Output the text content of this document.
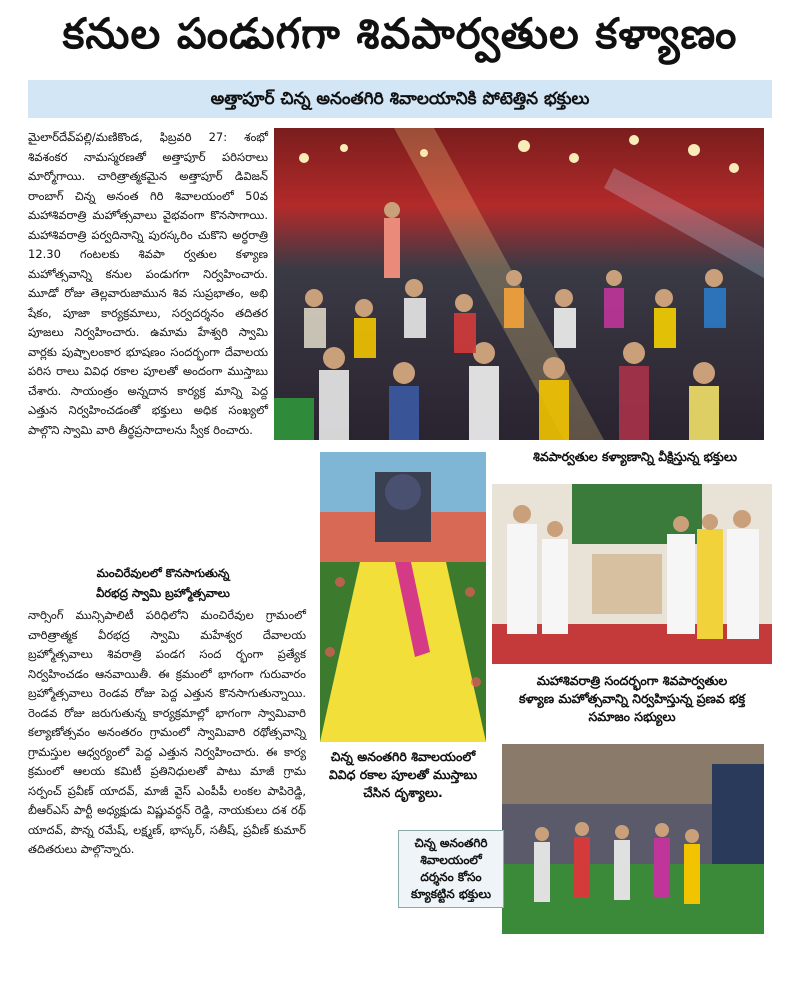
కనుల పండుగగా శివపార్వతుల కళ్యాణం
అత్తాపూర్ చిన్న అనంతగిరి శివాలయానికి పోటెత్తిన భక్తులు

మైలార్‌దేవ్‌పల్లి/మణికొండ, ఫిబ్రవరి 27: శంభో శివశంకర నామస్మరణతో అత్తాపూర్ పరిసరాలు మార్మోగాయి. చారిత్రాత్మకమైన అత్తాపూర్ డివిజన్ రాంబాగ్ చిన్న అనంత గిరి శివాలయంలో 50వ మహాశివరాత్రి మహోత్సవాలు వైభవంగా కొనసాగాయి. మహాశివరాత్రి పర్వదినాన్ని పురస్కరిం చుకొని అర్ధరాత్రి 12.30 గంటలకు శివపా ర్వతుల కళ్యాణ మహోత్సవాన్ని కనుల పండుగగా నిర్వహించారు. మూడో రోజు తెల్లవారుజామున శివ సుప్రభాతం, అభి షేకం, పూజా కార్యక్రమాలు, సర్వదర్శనం తదితర పూజలు నిర్వహించారు. ఉమామ హేశ్వరి స్వామి వార్లకు పుష్పాలంకార భూషణం సందర్భంగా దేవాలయ పరిస రాలు వివిధ రకాల పూలతో అందంగా ముస్తాబు చేశారు. సాయంత్రం అన్నదాన కార్యక్ర మాన్ని పెద్ద ఎత్తున నిర్వహించడంతో భక్తులు అధిక సంఖ్యలో పాల్గొని స్వామి వారి తీర్థప్రసాదాలను స్వీక రించారు.

శివపార్వతుల కళ్యాణాన్ని వీక్షిస్తున్న భక్తులు
చిన్న అనంతగిరి శివాలయంలో
వివిధ రకాల పూలతో ముస్తాబు
చేసిన దృశ్యాలు.
మహాశివరాత్రి సందర్భంగా శివపార్వతుల
కళ్యాణ మహోత్సవాన్ని నిర్వహిస్తున్న ప్రణవ భక్త
సమాజం సభ్యులు
చిన్న అనంతగిరి
శివాలయంలో
దర్శనం కోసం
క్యూకట్టిన భక్తులు
మంచిరేవులలో కొనసాగుతున్న
వీరభద్ర స్వామి బ్రహ్మోత్సవాలు

నార్సింగ్ మున్సిపాలిటీ పరిధిలోని మంచిరేవుల గ్రామంలో చారిత్రాత్మక వీరభద్ర స్వామి మహేశ్వర దేవాలయ బ్రహ్మోత్సవాలు శివరాత్రి పండగ సంద ర్భంగా ప్రత్యేక నిర్వహించడం ఆనవాయితీ. ఈ క్రమంలో భాగంగా గురువారం బ్రహ్మోత్సవాలు రెండవ రోజు పెద్ద ఎత్తున కొనసాగుతున్నాయి. రెండవ రోజు జరుగుతున్న కార్యక్రమాల్లో భాగంగా స్వామివారి కల్యాణోత్సవం అనంతరం గ్రామంలో స్వామివారి రథోత్సవాన్ని గ్రామస్తుల ఆధ్వర్యంలో పెద్ద ఎత్తున నిర్వహించారు. ఈ కార్య క్రమంలో ఆలయ కమిటీ ప్రతినిధులతో పాటు మాజీ గ్రామ సర్పంచ్ ప్రవీణ్ యాదవ్, మాజీ వైస్ ఎంపీపీ లంకల పాపిరెడ్డి, బీఆర్ఎస్ పార్టీ అధ్యక్షుడు విష్ణువర్ధన్ రెడ్డి, నాయకులు దశ రథ్ యాదవ్, పొన్న రమేష్, లక్ష్మణ్, భాస్కర్, సతీష్, ప్రవీణ్ కుమార్ తదితరులు పాల్గొన్నారు.
